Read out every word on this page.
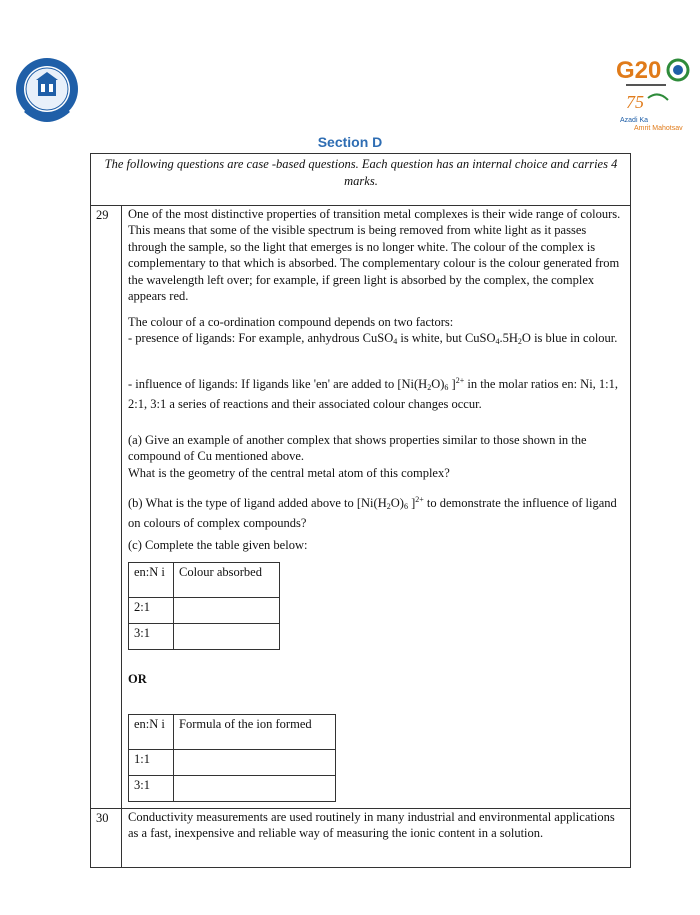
G20
75
Azadi Ka
Amrit Mahotsav
Section D
The following questions are case -based questions. Each question has an internal choice and carries 4 marks.
29 One of the most distinctive properties of transition metal complexes is their wide range of colours. This means that some of the visible spectrum is being removed from white light as it passes through the sample, so the light that emerges is no longer white. The colour of the complex is complementary to that which is absorbed. The complementary colour is the colour generated from the wavelength left over; for example, if green light is absorbed by the complex, the complex appears red.

The colour of a co-ordination compound depends on two factors:

- presence of ligands: For example, anhydrous CuSO$_4$ is white, but $CuSO_4.5H_2O$ is blue in colour.

- influence of ligands: If ligands like 'en' are added to [$Ni(H_2O)_6$ ]$^{2+}$ in the molar ratios en: Ni, 1:1, 2:1, 3:1 a series of reactions and their associated colour changes occur.

(a) Give an example of another complex that shows properties similar to those shown in the compound of Cu mentioned above.

What is the geometry of the central metal atom of this complex?

(b) What is the type of ligand added above to [$Ni(H_2O)_6$ ]$^{2+}$ to demonstrate the influence of ligand on colours of complex compounds?

(c) Complete the table given below:

en:N i	Colour absorbed
2:1	
3:1	
OR
en:N i	Formula of the ion formed
1:1	
3:1	
30 Conductivity measurements are used routinely in many industrial and environmental applications as a fast, inexpensive and reliable way of measuring the ionic content in a solution.
